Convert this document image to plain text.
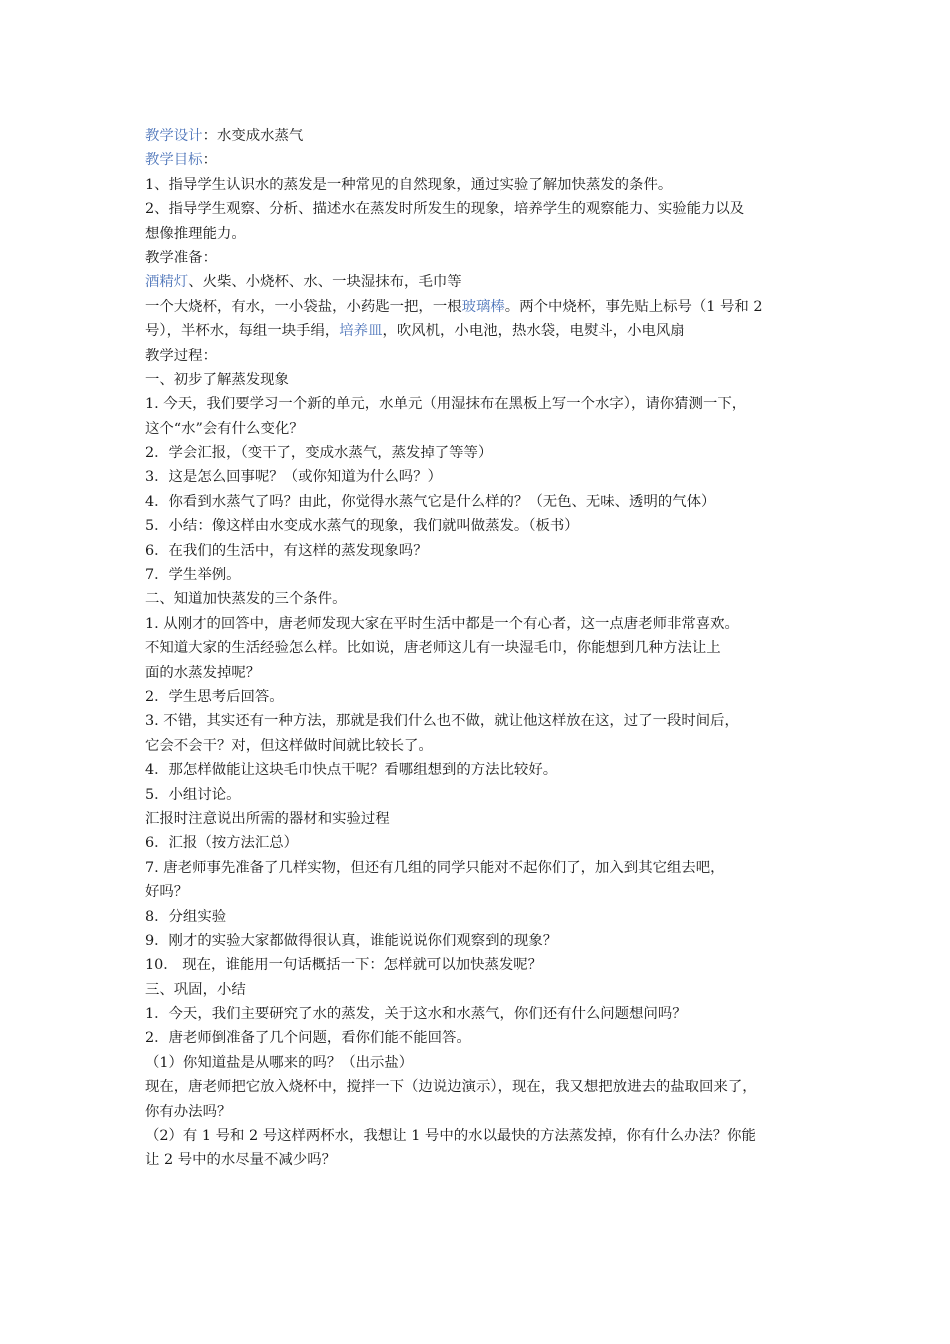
教学设计：水变成水蒸气
教学目标：
1、指导学生认识水的蒸发是一种常见的自然现象，通过实验了解加快蒸发的条件。
2、指导学生观察、分析、描述水在蒸发时所发生的现象，培养学生的观察能力、实验能力以及
想像推理能力。
教学准备：
酒精灯、火柴、小烧杯、水、一块湿抹布，毛巾等
一个大烧杯，有水，一小袋盐，小药匙一把，一根玻璃棒。两个中烧杯，事先贴上标号（1 号和 2
号），半杯水，每组一块手绢，培养皿，吹风机，小电池，热水袋，电熨斗，小电风扇
教学过程：
一、初步了解蒸发现象
1. 今天，我们要学习一个新的单元，水单元（用湿抹布在黑板上写一个水字），请你猜测一下，
这个“水”会有什么变化？
2．学会汇报，（变干了，变成水蒸气，蒸发掉了等等）
3．这是怎么回事呢？（或你知道为什么吗？）
4．你看到水蒸气了吗？由此，你觉得水蒸气它是什么样的？（无色、无味、透明的气体）
5．小结：像这样由水变成水蒸气的现象，我们就叫做蒸发。（板书）
6．在我们的生活中，有这样的蒸发现象吗？
7．学生举例。
二、知道加快蒸发的三个条件。
1. 从刚才的回答中，唐老师发现大家在平时生活中都是一个有心者，这一点唐老师非常喜欢。
不知道大家的生活经验怎么样。比如说，唐老师这儿有一块湿毛巾，你能想到几种方法让上
面的水蒸发掉呢？
2．学生思考后回答。
3. 不错，其实还有一种方法，那就是我们什么也不做，就让他这样放在这，过了一段时间后，
它会不会干？对，但这样做时间就比较长了。
4．那怎样做能让这块毛巾快点干呢？看哪组想到的方法比较好。
5．小组讨论。
汇报时注意说出所需的器材和实验过程
6．汇报（按方法汇总）
7. 唐老师事先准备了几样实物，但还有几组的同学只能对不起你们了，加入到其它组去吧，
好吗？
8．分组实验
9．刚才的实验大家都做得很认真，谁能说说你们观察到的现象？
10． 现在，谁能用一句话概括一下：怎样就可以加快蒸发呢？
三、巩固，小结
1．今天，我们主要研究了水的蒸发，关于这水和水蒸气，你们还有什么问题想问吗？
2．唐老师倒准备了几个问题，看你们能不能回答。
（1）你知道盐是从哪来的吗？（出示盐）
现在，唐老师把它放入烧杯中，搅拌一下（边说边演示），现在，我又想把放进去的盐取回来了，
你有办法吗？
（2）有 1 号和 2 号这样两杯水，我想让 1 号中的水以最快的方法蒸发掉，你有什么办法？你能
让 2 号中的水尽量不减少吗？
